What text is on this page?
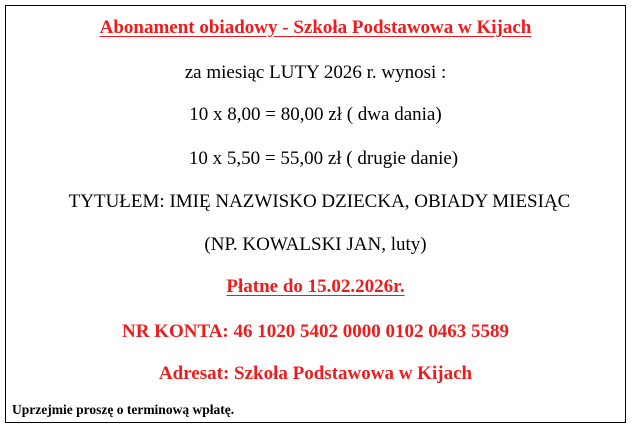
Abonament obiadowy - Szkoła Podstawowa w Kijach
za miesiąc LUTY 2026 r. wynosi :
10 x 8,00 = 80,00 zł ( dwa dania)
10 x 5,50 = 55,00 zł ( drugie danie)
TYTUŁEM: IMIĘ NAZWISKO DZIECKA, OBIADY MIESIĄC
(NP. KOWALSKI JAN, luty)
Płatne do 15.02.2026r.
NR KONTA: 46 1020 5402 0000 0102 0463 5589
Adresat: Szkoła Podstawowa w Kijach
Uprzejmie proszę o terminową wpłatę.
